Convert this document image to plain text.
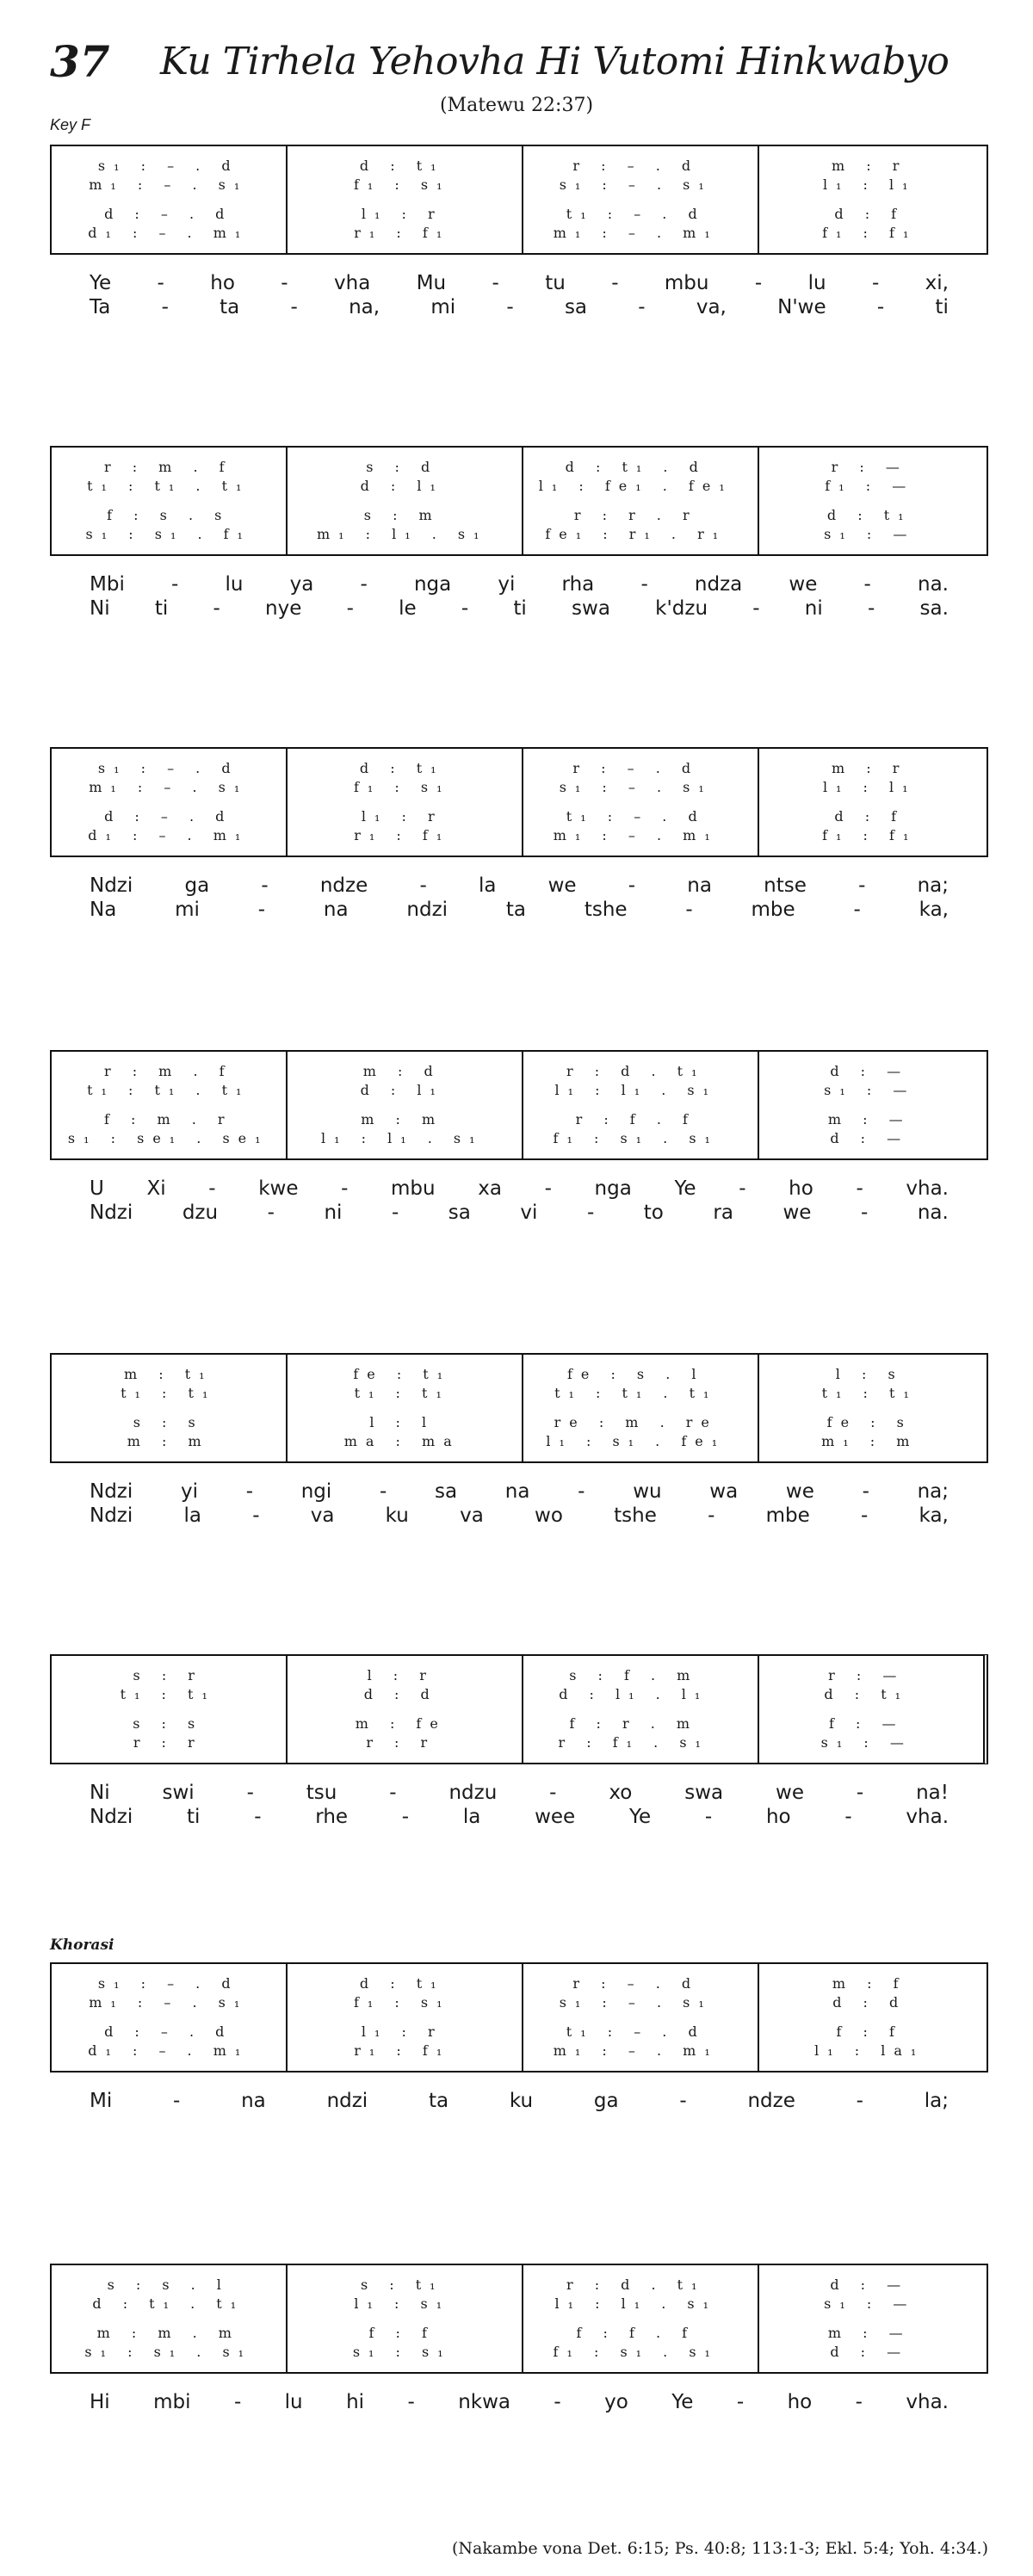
37 Ku Tirhela Yehovha Hi Vutomi Hinkwabyo
(Matewu 22:37)
Key F
s₁ : – . d	d : t₁	r : – . d	m : r
m₁ : – . s₁	f₁ : s₁	s₁ : – . s₁	l₁ : l₁
d : – . d	l₁ : r	t₁ : – . d	d : f
d₁ : – . m₁	r₁ : f₁	m₁ : – . m₁	f₁ : f₁
Ye - ho - vha Mu - tu - mbu - lu - xi,
Ta	-	ta	-	na,	mi	-	sa	-	va,	N'we	-	ti
r : m . f	s : d	d : t₁ . d	r : —
t₁ : t₁ . t₁	d : l₁	l₁ : fe₁ . fe₁	f₁ : —
f : s . s	s : m	r : r . r	d : t₁
s₁ : s₁ . f₁	m₁ : l₁ . s₁	fe₁ : r₁ . r₁	s₁ : —
Mbi - lu ya - nga yi rha - ndza we - na.
Ni ti - nye - le - ti swa k'dzu - ni - sa.
s₁ : – . d	d : t₁	r : – . d	m : r
m₁ : – . s₁	f₁ : s₁	s₁ : – . s₁	l₁ : l₁
d : – . d	l₁ : r	t₁ : – . d	d : f
d₁ : – . m₁	r₁ : f₁	m₁ : – . m₁	f₁ : f₁
Ndzi	ga	-	ndze	-	la	we	-	na	ntse	-	na;
Na	mi	-	na	ndzi	ta	tshe	-	mbe	-	ka,
r : m . f	m : d	r : d . t₁	d : —
t₁ : t₁ . t₁	d : l₁	l₁ : l₁ . s₁	s₁ : —
f : m . r	m : m	r : f . f	m : —
s₁ : se₁ . se₁	l₁ : l₁ . s₁	f₁ : s₁ . s₁	d : —
U Xi - kwe - mbu xa - nga Ye - ho - vha.
Ndzi	dzu	-	ni	-	sa	vi	-	to	ra	we	-	na.
m : t₁	fe : t₁	fe : s . l	l : s
t₁ : t₁	t₁ : t₁	t₁ : t₁ . t₁	t₁ : t₁
s : s	l : l	re : m . re	fe : s
m : m	ma : ma	l₁ : s₁ . fe₁	m₁ : m
Ndzi yi - ngi - sa na - wu wa we - na;
Ndzi	la	-	va	ku	va	wo	tshe	-	mbe	-	ka,
s : r	l : r	s : f . m	r : —
t₁ : t₁	d : d	d : l₁ . l₁	d : t₁
s : s	m : fe	f : r . m	f : —
r : r	r : r	r : f₁ . s₁	s₁ : —
Ni	swi	-	tsu	-	ndzu	-	xo	swa	we	-	na!
Ndzi	ti	-	rhe	-	la	wee	Ye	-	ho	-	vha.
Khorasi
s₁ : – . d	d : t₁	r : – . d	m : f
m₁ : – . s₁	f₁ : s₁	s₁ : – . s₁	d : d
d : – . d	l₁ : r	t₁ : – . d	f : f
d₁ : – . m₁	r₁ : f₁	m₁ : – . m₁	l₁ : la₁
Mi	-	na	ndzi	ta	ku	ga	-	ndze	-	la;
s : s . l	s : t₁	r : d . t₁	d : —
d : t₁ . t₁	l₁ : s₁	l₁ : l₁ . s₁	s₁ : —
m : m . m	f : f	f : f . f	m : —
s₁ : s₁ . s₁	s₁ : s₁	f₁ : s₁ . s₁	d : —
Hi mbi - lu hi - nkwa - yo Ye - ho - vha.
(Nakambe vona Det. 6:15; Ps. 40:8; 113:1-3; Ekl. 5:4; Yoh. 4:34.)
